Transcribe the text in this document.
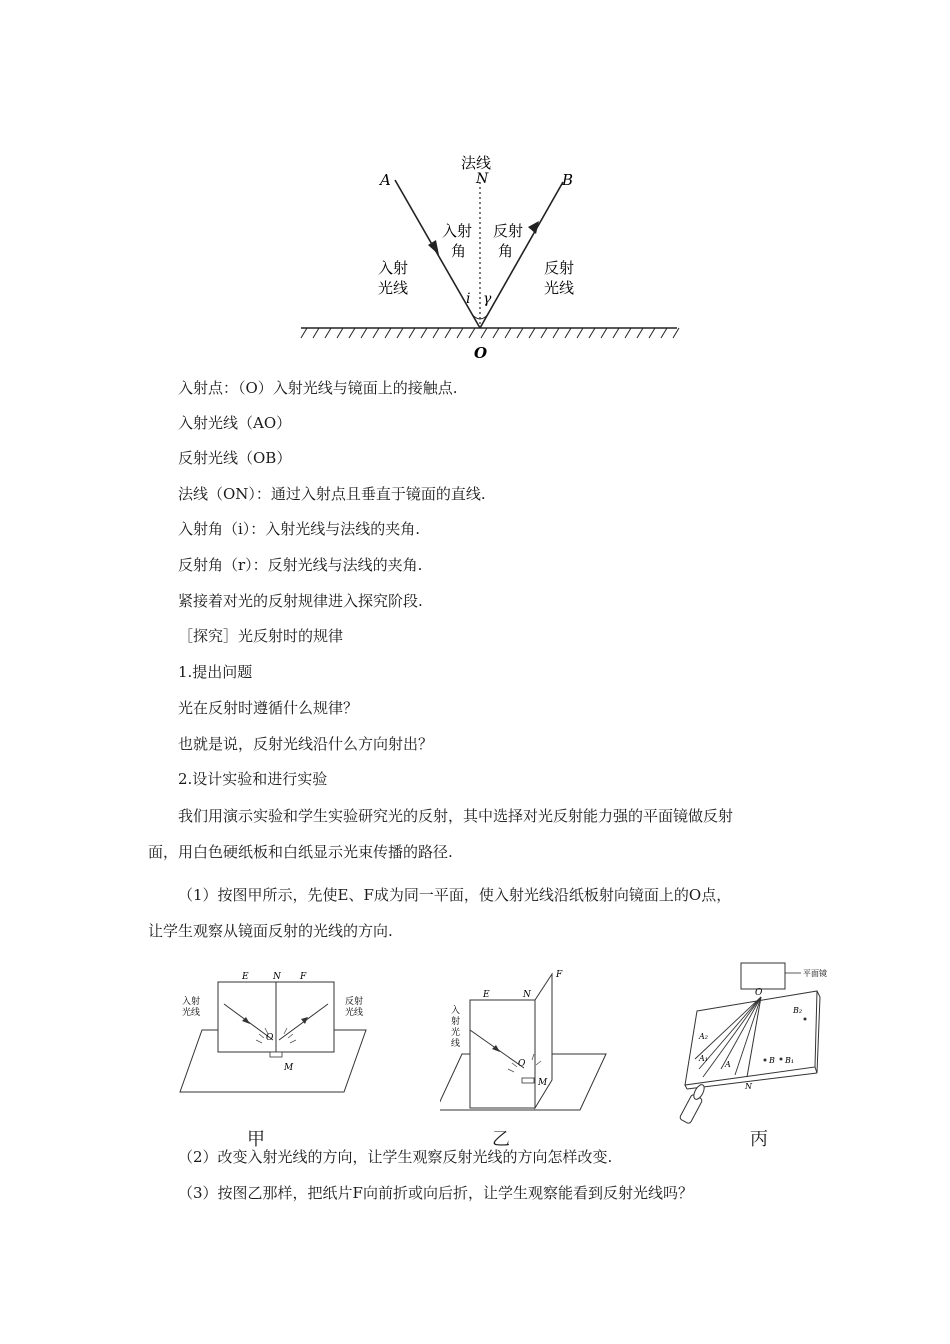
法线
N
A	B
O
i γ
入射
角
反射
角
入射
光线
反射
光线
入射点：（O）入射光线与镜面上的接触点.
入射光线（AO）
反射光线（OB）
法线（ON）：通过入射点且垂直于镜面的直线.
入射角（i）：入射光线与法线的夹角.
反射角（r）：反射光线与法线的夹角.
紧接着对光的反射规律进入探究阶段.
［探究］光反射时的规律
1.提出问题
光在反射时遵循什么规律？
也就是说，反射光线沿什么方向射出？
2.设计实验和进行实验
我们用演示实验和学生实验研究光的反射，其中选择对光反射能力强的平面镜做反射
面，用白色硬纸板和白纸显示光束传播的路径.
（1）按图甲所示，先使E、F成为同一平面，使入射光线沿纸板射向镜面上的O点，
让学生观察从镜面反射的光线的方向.
E	N F
O
M
入射
光线
反射
光线
E	N
F
O
M
入
射
光
线
平面镜
O
B₂
A₂
A₁
A	B B₁
N
甲	乙	丙
（2）改变入射光线的方向，让学生观察反射光线的方向怎样改变.
（3）按图乙那样，把纸片F向前折或向后折，让学生观察能看到反射光线吗？
